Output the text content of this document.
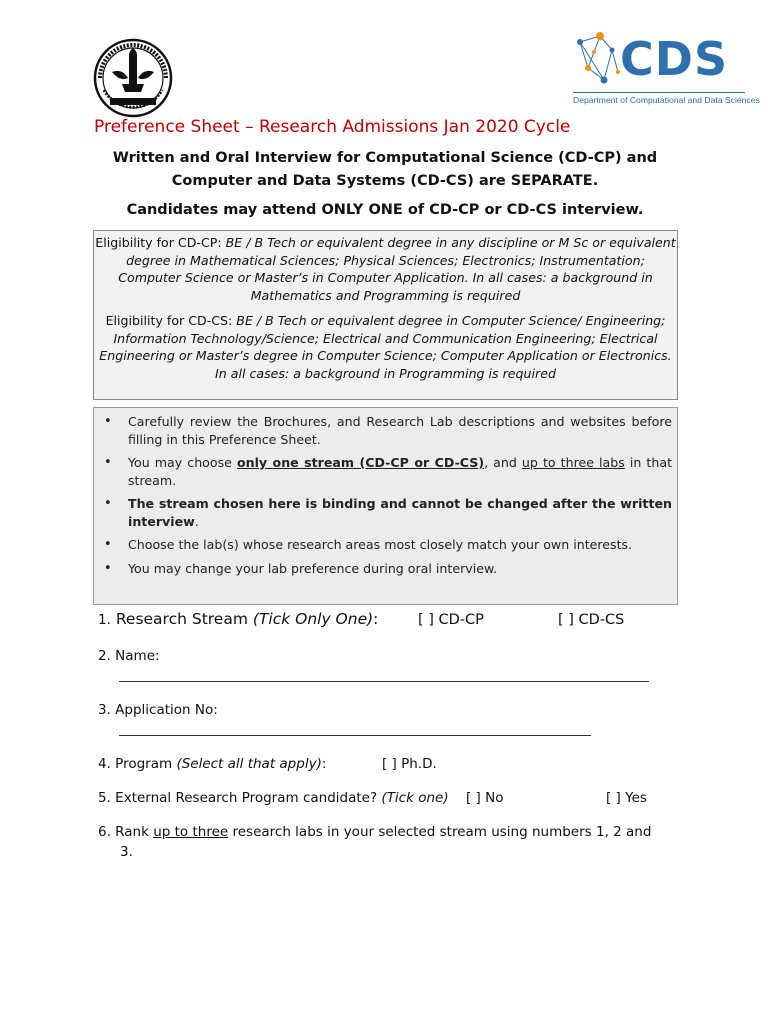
CDS
Department of Computational and Data Sciences
Preference Sheet – Research Admissions Jan 2020 Cycle
Written and Oral Interview for Computational Science (CD-CP) and
Computer and Data Systems (CD-CS) are SEPARATE.
Candidates may attend ONLY ONE of CD-CP or CD-CS interview.
Eligibility for CD-CP: BE / B Tech or equivalent degree in any discipline or M Sc or equivalent degree in Mathematical Sciences; Physical Sciences; Electronics; Instrumentation; Computer Science or Master’s in Computer Application. In all cases: a background in Mathematics and Programming is required
Eligibility for CD-CS: BE / B Tech or equivalent degree in Computer Science/ Engineering; Information Technology/Science; Electrical and Communication Engineering; Electrical Engineering or Master’s degree in Computer Science; Computer Application or Electronics. In all cases: a background in Programming is required
• Carefully review the Brochures, and Research Lab descriptions and websites before filling in this Preference Sheet.
• You may choose only one stream (CD-CP or CD-CS), and up to three labs in that stream.
• The stream chosen here is binding and cannot be changed after the written interview.
• Choose the lab(s) whose research areas most closely match your own interests.
• You may change your lab preference during oral interview.
1. Research Stream (Tick Only One):	[ ] CD-CP	[ ] CD-CS
2. Name:
3. Application No:
4. Program (Select all that apply):	[ ] Ph.D.
5. External Research Program candidate? (Tick one) [ ] No	[ ] Yes
6. Rank up to three research labs in your selected stream using numbers 1, 2 and
3.
